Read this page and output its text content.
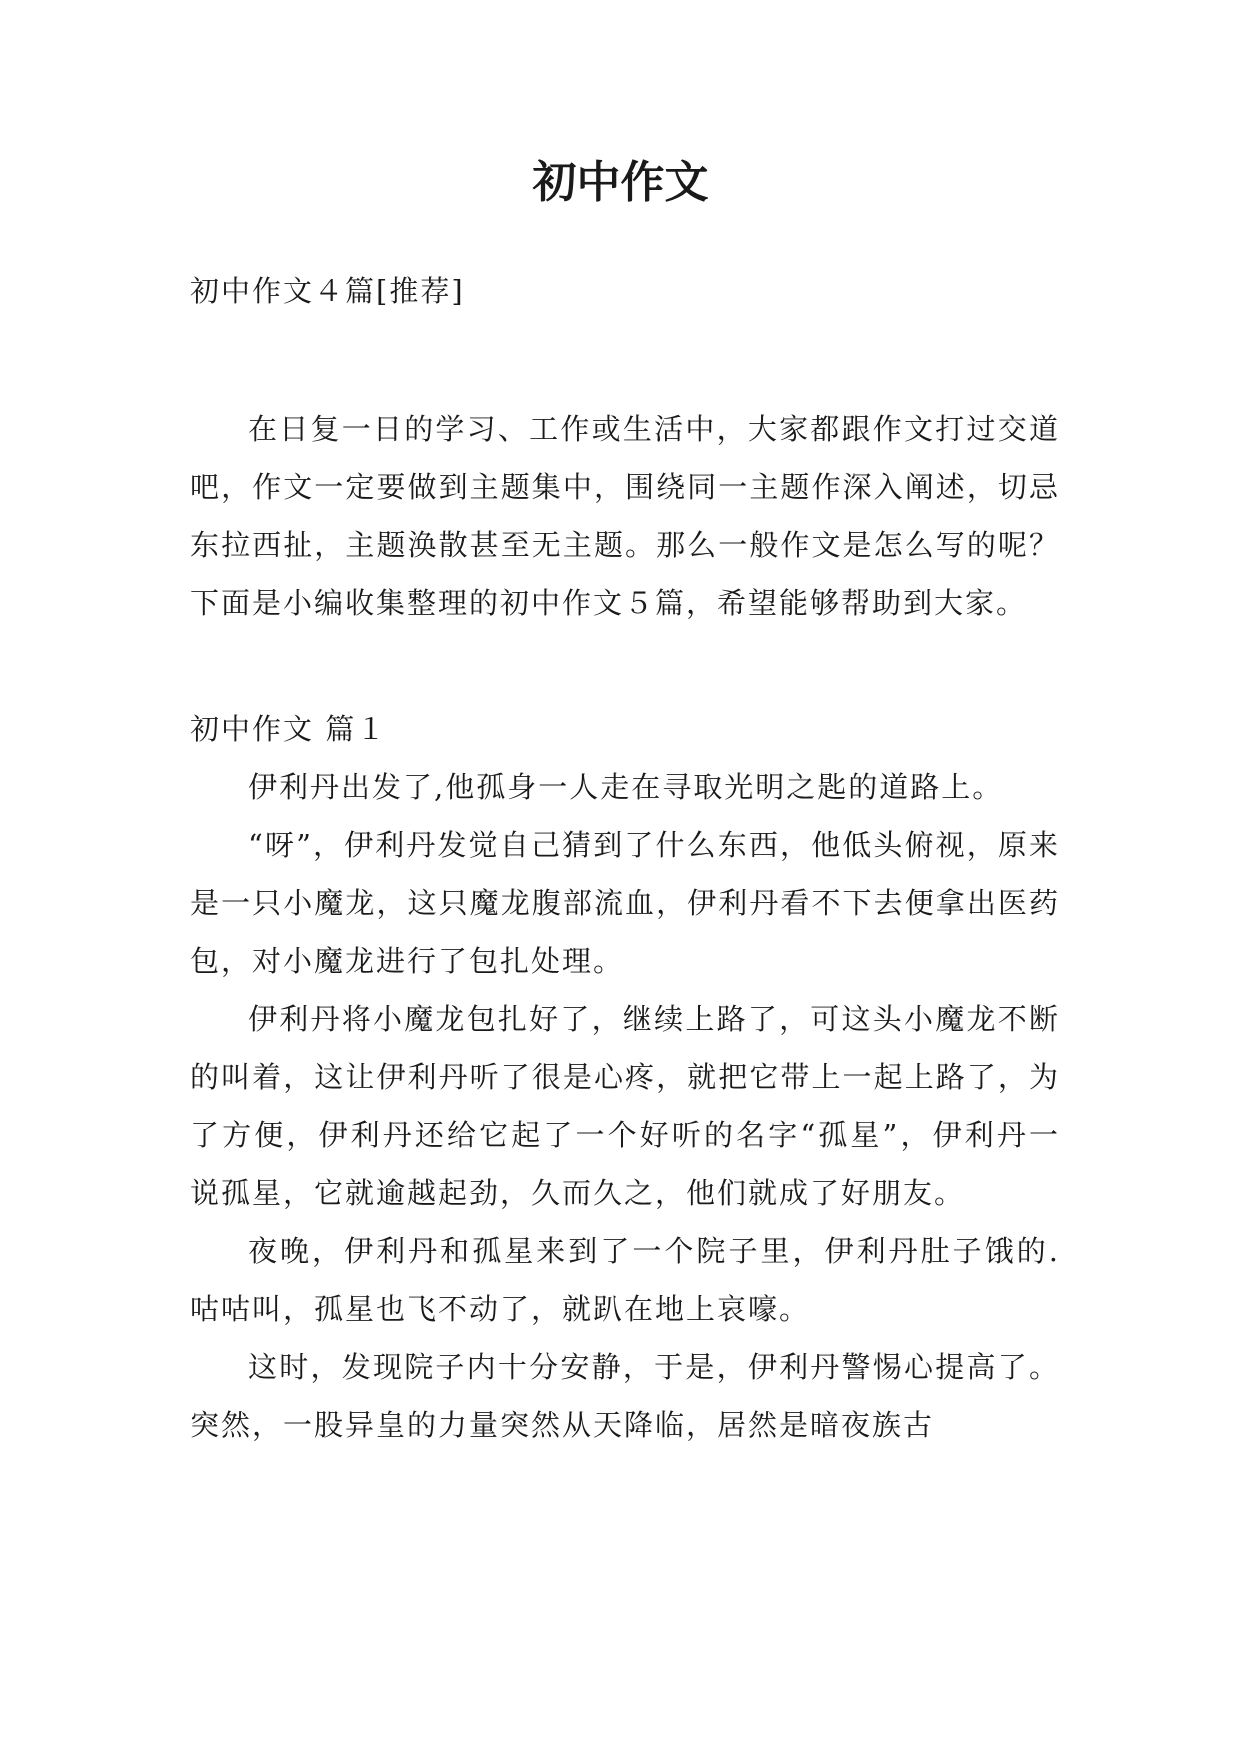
初中作文

初中作文４篇[推荐]

在日复一日的学习、工作或生活中，大家都跟作文打过交道吧，作文一定要做到主题集中，围绕同一主题作深入阐述，切忌东拉西扯，主题涣散甚至无主题。那么一般作文是怎么写的呢？下面是小编收集整理的初中作文５篇，希望能够帮助到大家。

初中作文 篇１

伊利丹出发了,他孤身一人走在寻取光明之匙的道路上。

“呀”，伊利丹发觉自己猜到了什么东西，他低头俯视，原来是一只小魔龙，这只魔龙腹部流血，伊利丹看不下去便拿出医药包，对小魔龙进行了包扎处理。

伊利丹将小魔龙包扎好了，继续上路了，可这头小魔龙不断的叫着，这让伊利丹听了很是心疼，就把它带上一起上路了，为了方便，伊利丹还给它起了一个好听的名字“孤星”，伊利丹一说孤星，它就逾越起劲，久而久之，他们就成了好朋友。

夜晚，伊利丹和孤星来到了一个院子里，伊利丹肚子饿的.咕咕叫，孤星也飞不动了，就趴在地上哀嚎。

这时，发现院子内十分安静，于是，伊利丹警惕心提高了。突然，一股异皇的力量突然从天降临，居然是暗夜族古
